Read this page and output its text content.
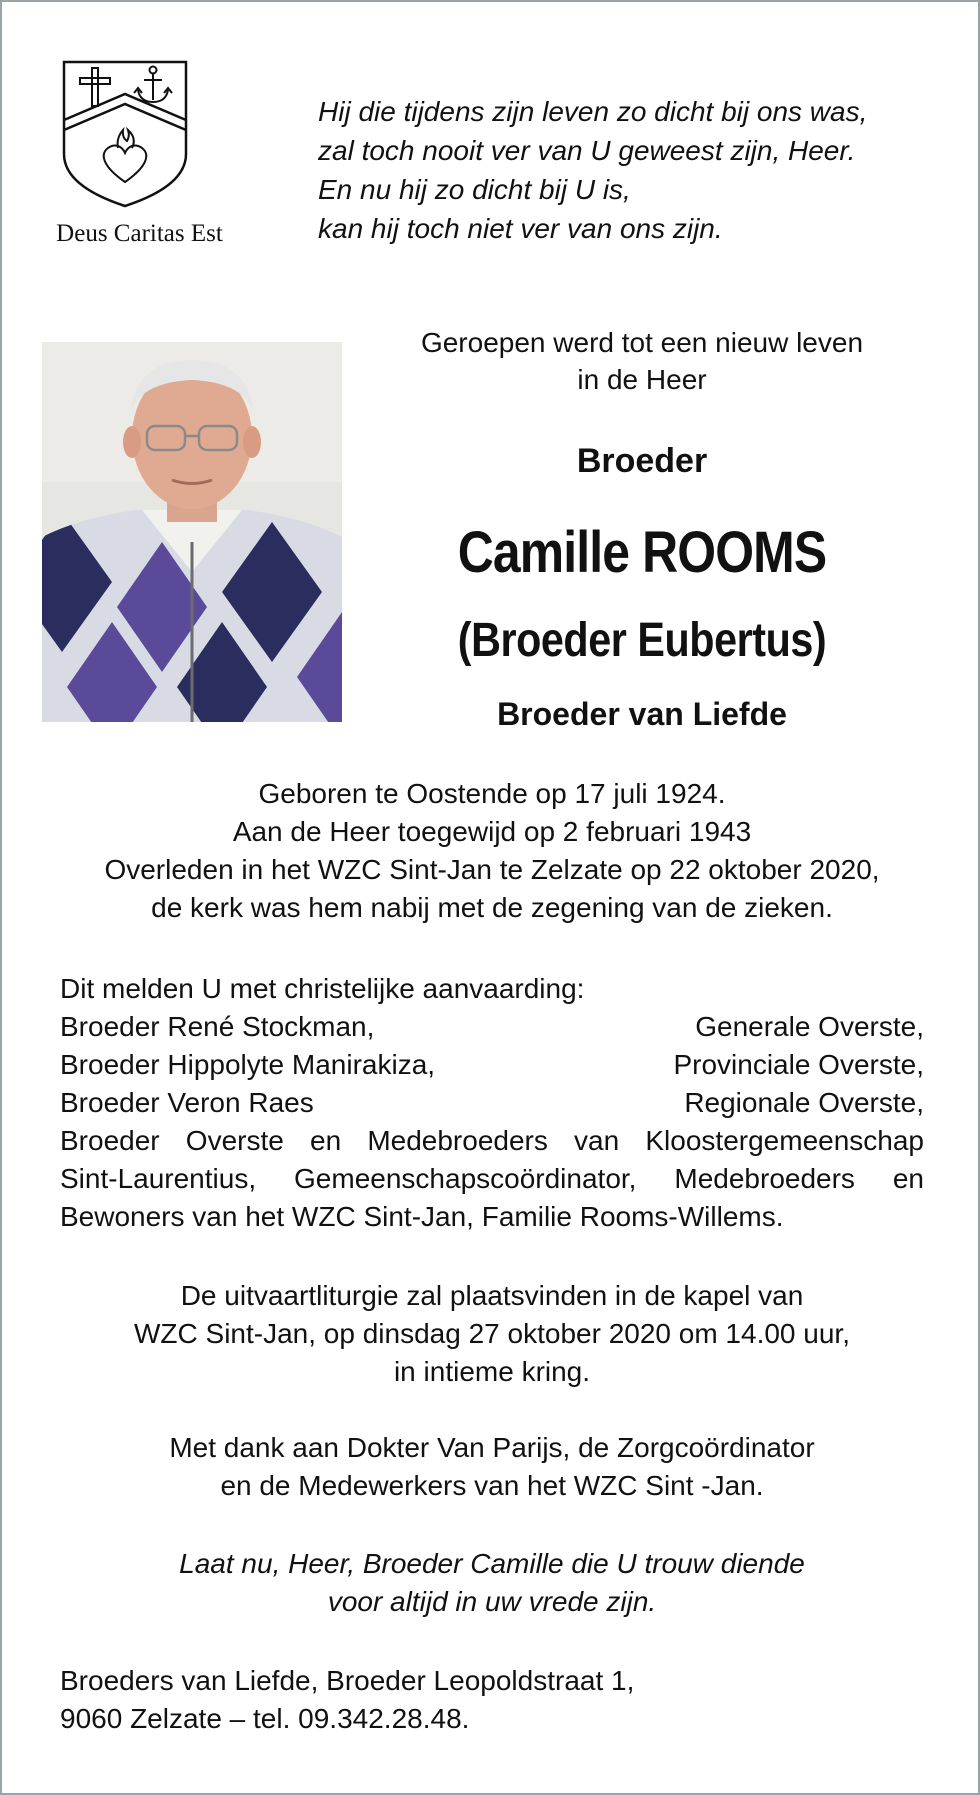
Deus Caritas Est
Hij die tijdens zijn leven zo dicht bij ons was,
zal toch nooit ver van U geweest zijn, Heer.
En nu hij zo dicht bij U is,
kan hij toch niet ver van ons zijn.
Geroepen werd tot een nieuw leven
in de Heer
Broeder
Camille ROOMS
(Broeder Eubertus)
Broeder van Liefde
Geboren te Oostende op 17 juli 1924.
Aan de Heer toegewijd op 2 februari 1943
Overleden in het WZC Sint-Jan te Zelzate op 22 oktober 2020,
de kerk was hem nabij met de zegening van de zieken.
Dit melden U met christelijke aanvaarding:
Broeder René Stockman,	Generale Overste,
Broeder Hippolyte Manirakiza,	Provinciale Overste,
Broeder Veron Raes	Regionale Overste,
Broeder Overste en Medebroeders van Kloostergemeenschap
Sint-Laurentius, Gemeenschapscoördinator, Medebroeders en
Bewoners van het WZC Sint-Jan, Familie Rooms-Willems.
De uitvaartliturgie zal plaatsvinden in de kapel van
WZC Sint-Jan, op dinsdag 27 oktober 2020 om 14.00 uur,
in intieme kring.
Met dank aan Dokter Van Parijs, de Zorgcoördinator
en de Medewerkers van het WZC Sint -Jan.
Laat nu, Heer, Broeder Camille die U trouw diende
voor altijd in uw vrede zijn.
Broeders van Liefde, Broeder Leopoldstraat 1,
9060 Zelzate – tel. 09.342.28.48.
